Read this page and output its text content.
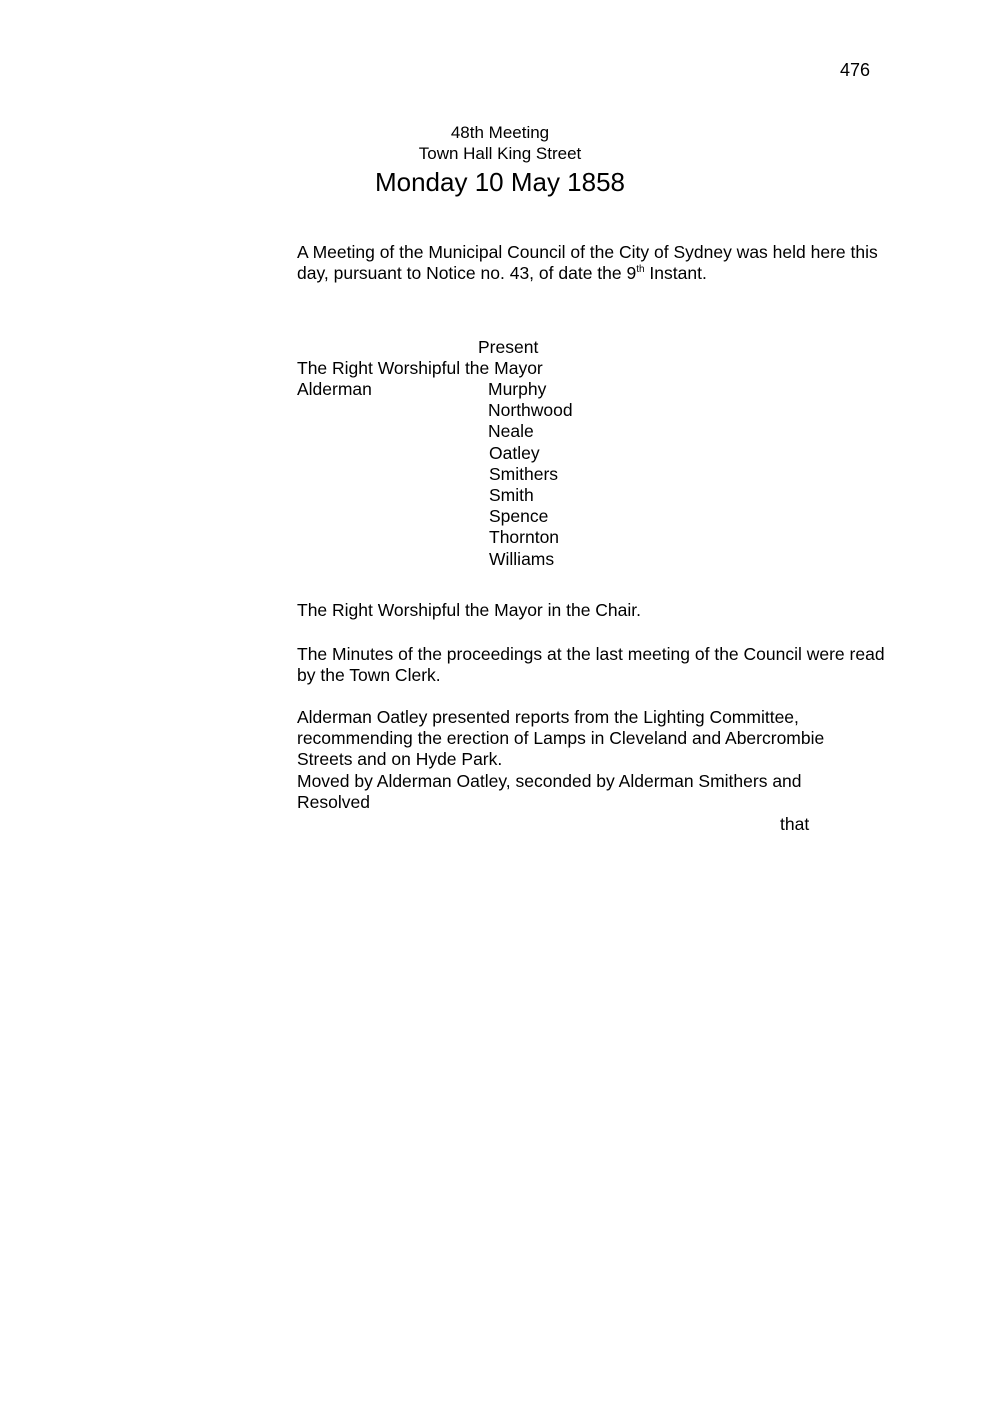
476
48th Meeting
Town Hall King Street
Monday 10 May 1858
A Meeting of the Municipal Council of the City of Sydney was held here this day, pursuant to Notice no. 43, of date the 9th Instant.
Present
The Right Worshipful the Mayor
Alderman	Murphy
Northwood
Neale
Oatley
Smithers
Smith
Spence
Thornton
Williams
The Right Worshipful the Mayor in the Chair.
The Minutes of the proceedings at the last meeting of the Council were read by the Town Clerk.
Alderman Oatley presented reports from the Lighting Committee, recommending the erection of Lamps in Cleveland and Abercrombie Streets and on Hyde Park.
Moved by Alderman Oatley, seconded by Alderman Smithers and Resolved
that
